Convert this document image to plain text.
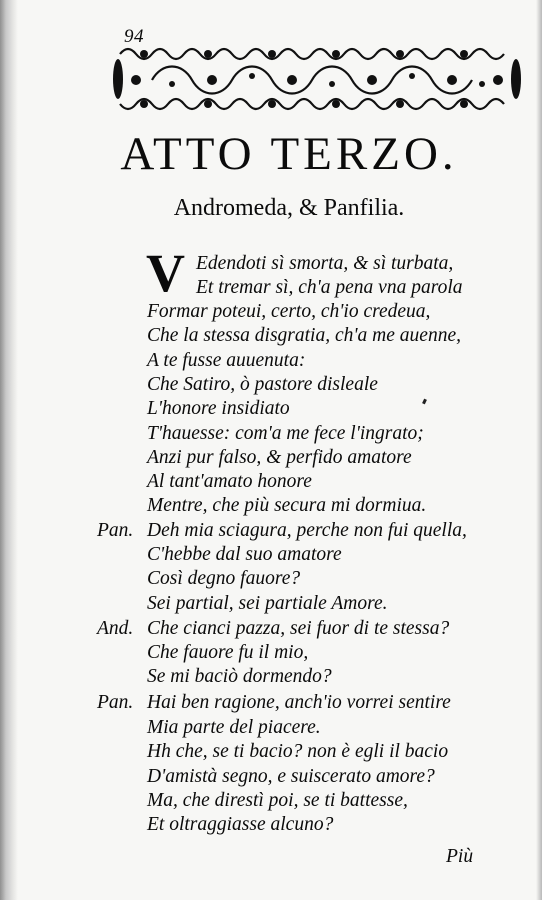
94
ATTO TERZO.
Andromeda, & Panfilia.
V Edendoti sì smorta, & sì turbata,
Et tremar sì, ch'a pena vna parola
Formar poteui, certo, ch'io credeua,
Che la stessa disgratia, ch'a me auenne,
A te fusse auuenuta:
Che Satiro, ò pastore disleale
L'honore insidiato
T'hauesse: com'a me fece l'ingrato;
Anzi pur falso, & perfido amatore
Al tant'amato honore
Mentre, che più secura mi dormiua.
Pan. Deh mia sciagura, perche non fui quella,
C'hebbe dal suo amatore
Così degno fauore?
Sei partial, sei partiale Amore.
And. Che cianci pazza, sei fuor di te stessa?
Che fauore fu il mio,
Se mi baciò dormendo?
Pan. Hai ben ragione, anch'io vorrei sentire
Mia parte del piacere.
Hh che, se ti bacio? non è egli il bacio
D'amistà segno, e suiscerato amore?
Ma, che direstì poi, se ti battesse,
Et oltraggiasse alcuno?
Più
